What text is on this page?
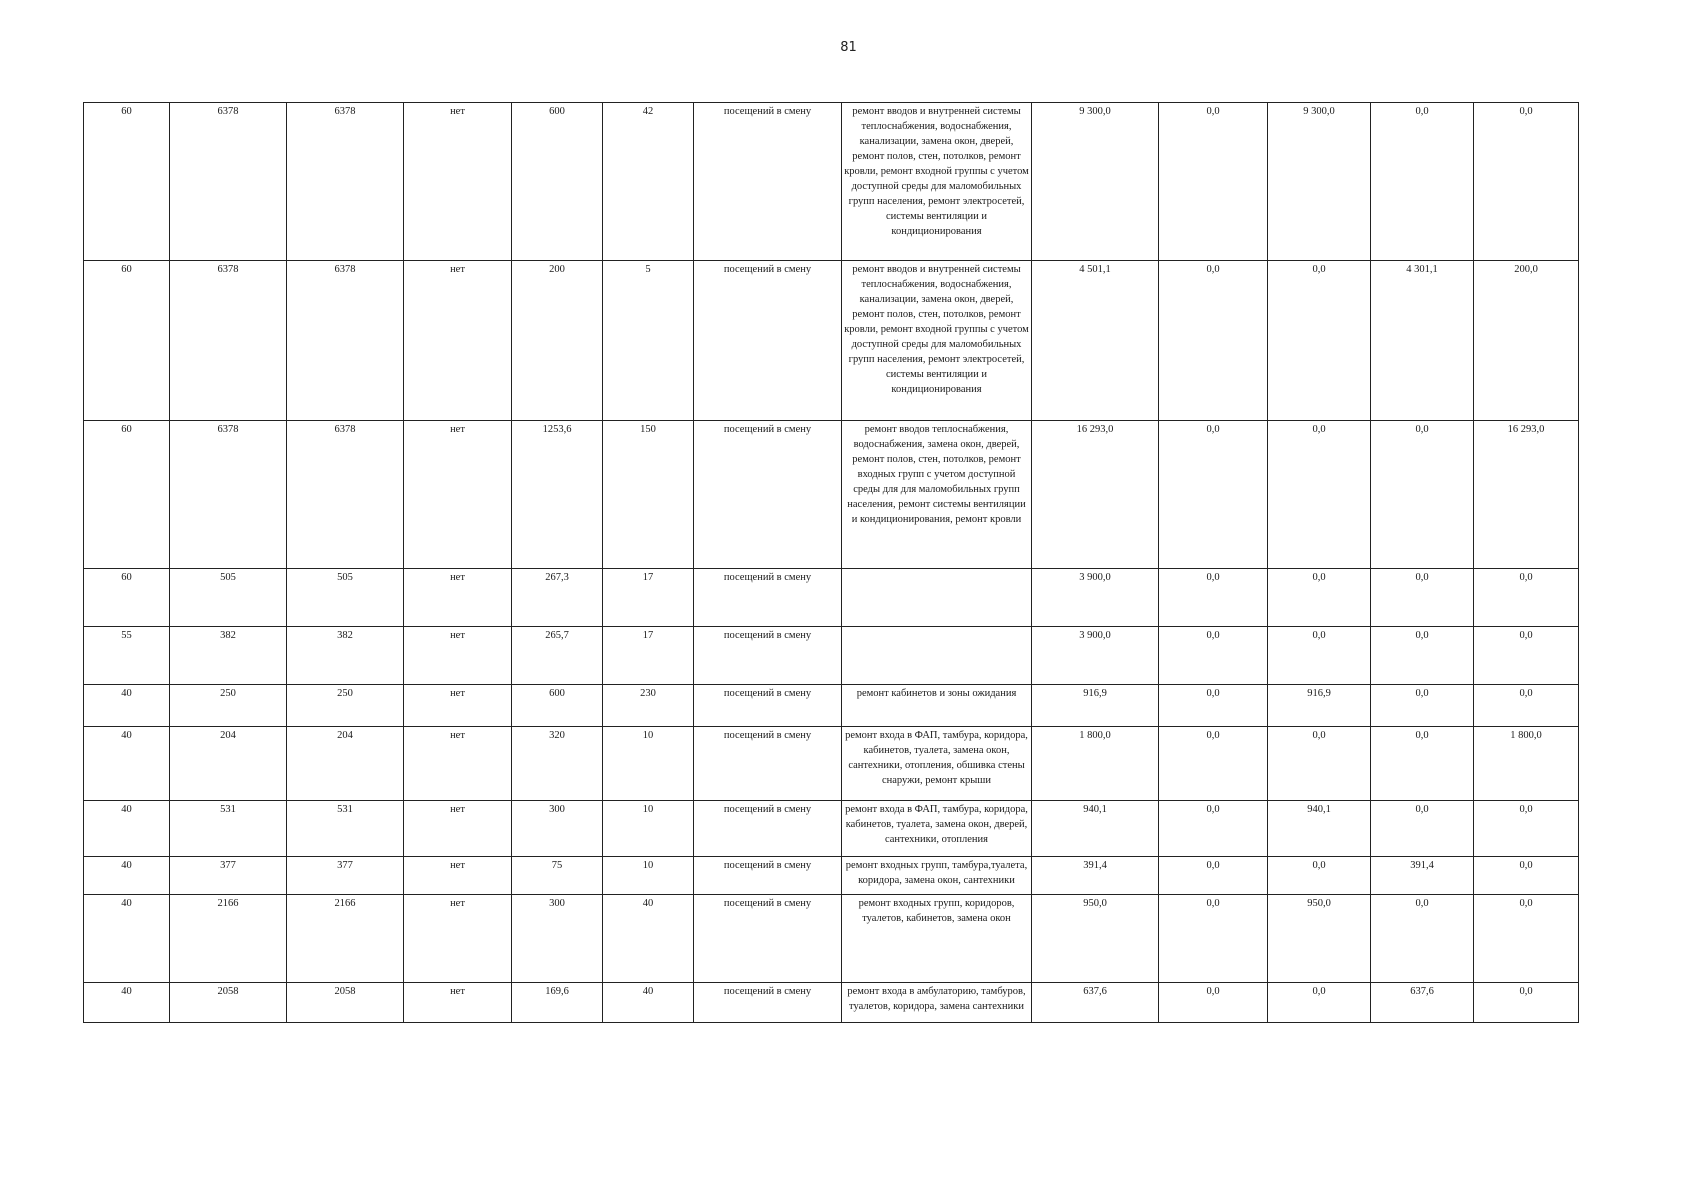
81
60	6378	6378	нет	600	42	посещений в смену	ремонт вводов и внутренней системы теплоснабжения, водоснабжения, канализации, замена окон, дверей, ремонт полов, стен, потолков, ремонт кровли, ремонт входной группы с учетом доступной среды для маломобильных групп населения, ремонт электросетей, системы вентиляции и кондиционирования	9 300,0	0,0	9 300,0	0,0	0,0
60	6378	6378	нет	200	5	посещений в смену	ремонт вводов и внутренней системы теплоснабжения, водоснабжения, канализации, замена окон, дверей, ремонт полов, стен, потолков, ремонт кровли, ремонт входной группы с учетом доступной среды для маломобильных групп населения, ремонт электросетей, системы вентиляции и кондиционирования	4 501,1	0,0	0,0	4 301,1	200,0
60	6378	6378	нет	1253,6	150	посещений в смену	ремонт вводов теплоснабжения, водоснабжения, замена окон, дверей, ремонт полов, стен, потолков, ремонт входных групп с учетом доступной среды для для маломобильных групп населения, ремонт системы вентиляции и кондиционирования, ремонт кровли	16 293,0	0,0	0,0	0,0	16 293,0
60	505	505	нет	267,3	17	посещений в смену		3 900,0	0,0	0,0	0,0	0,0
55	382	382	нет	265,7	17	посещений в смену		3 900,0	0,0	0,0	0,0	0,0
40	250	250	нет	600	230	посещений в смену	ремонт кабинетов и зоны ожидания	916,9	0,0	916,9	0,0	0,0
40	204	204	нет	320	10	посещений в смену	ремонт входа в ФАП, тамбура, коридора, кабинетов, туалета, замена окон, сантехники, отопления, обшивка стены снаружи, ремонт крыши	1 800,0	0,0	0,0	0,0	1 800,0
40	531	531	нет	300	10	посещений в смену	ремонт входа в ФАП, тамбура, коридора, кабинетов, туалета, замена окон, дверей, сантехники, отопления	940,1	0,0	940,1	0,0	0,0
40	377	377	нет	75	10	посещений в смену	ремонт входных групп, тамбура,туалета, коридора, замена окон, сантехники	391,4	0,0	0,0	391,4	0,0
40	2166	2166	нет	300	40	посещений в смену	ремонт входных групп, коридоров, туалетов, кабинетов, замена окон	950,0	0,0	950,0	0,0	0,0
40	2058	2058	нет	169,6	40	посещений в смену	ремонт входа в амбулаторию, тамбуров, туалетов, коридора, замена сантехники	637,6	0,0	0,0	637,6	0,0
